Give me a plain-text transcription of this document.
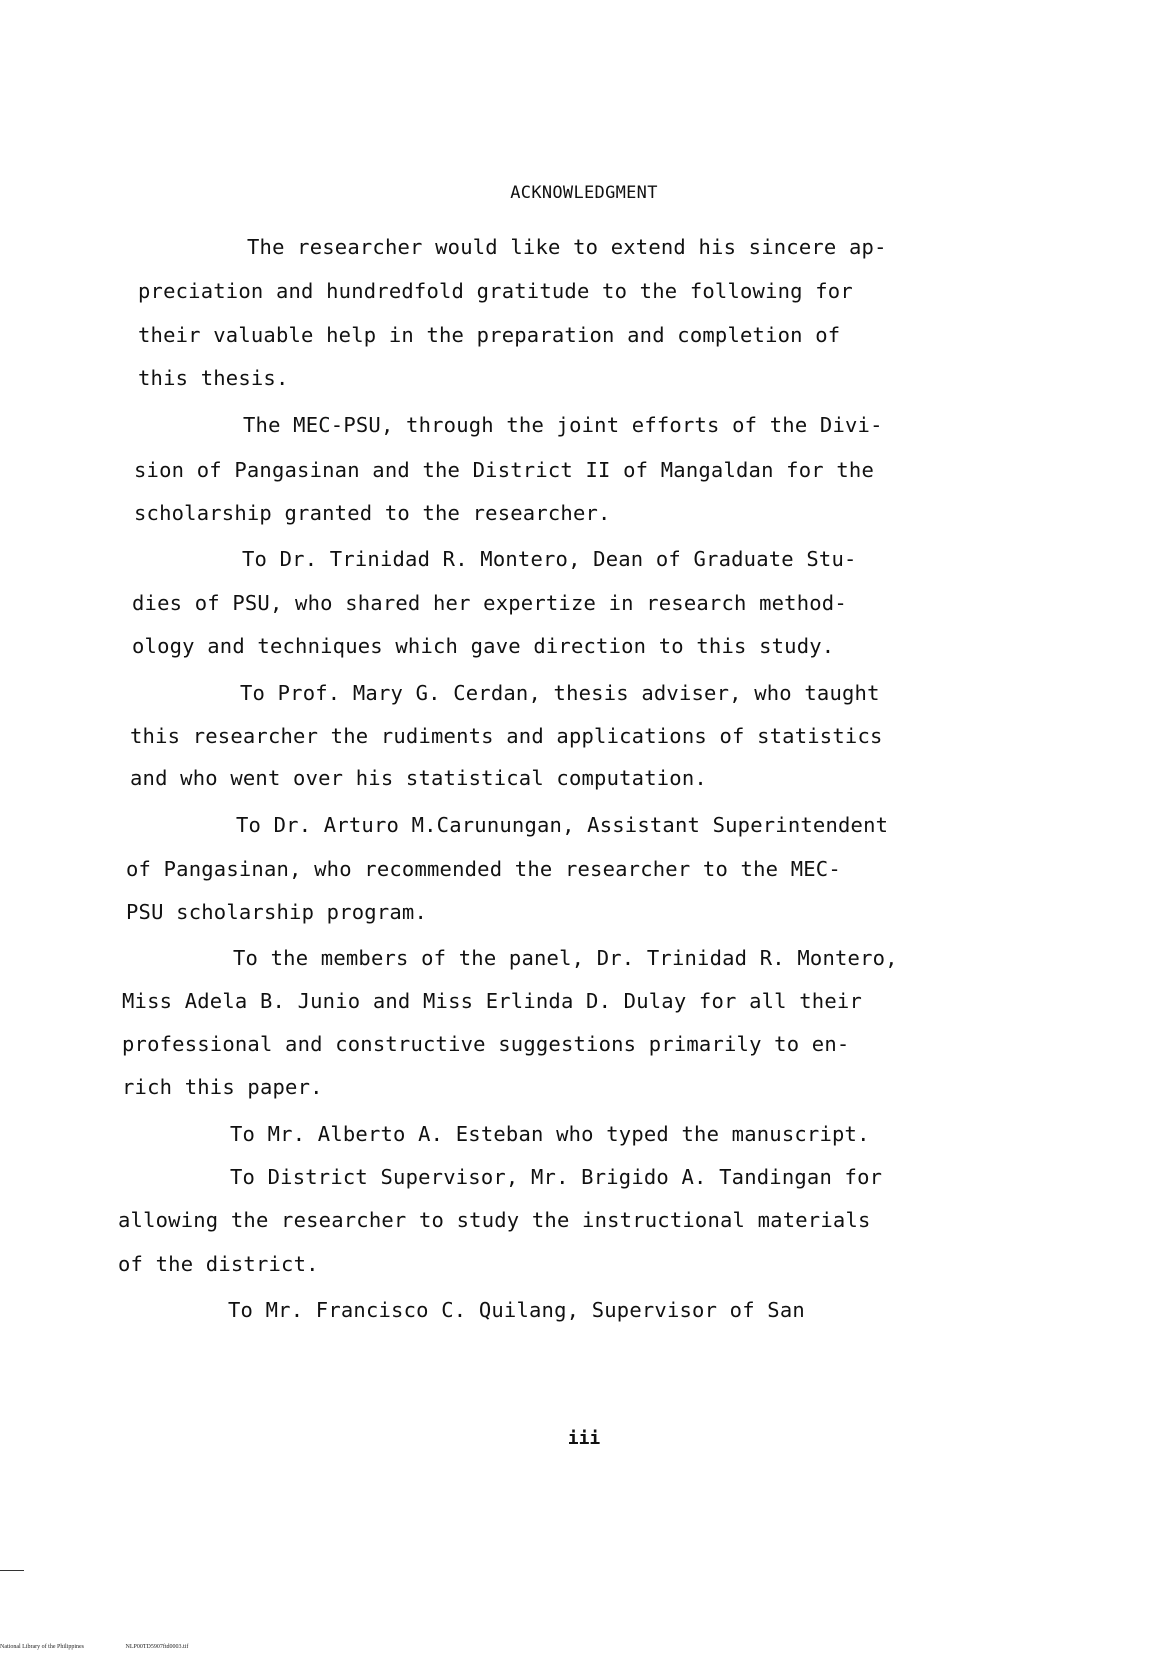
ACKNOWLEDGMENT
The researcher would like to extend his sincere ap-
preciation and hundredfold gratitude to the following for
their valuable help in the preparation and completion of
this thesis.
The MEC-PSU, through the joint efforts of the Divi-
sion of Pangasinan and the District II of Mangaldan for the
scholarship granted to the researcher.
To Dr. Trinidad R. Montero, Dean of Graduate Stu-
dies of PSU, who shared her expertize in research method-
ology and techniques which gave direction to this study.
To Prof. Mary G. Cerdan, thesis adviser, who taught
this researcher the rudiments and applications of statistics
and who went over his statistical computation.
To Dr. Arturo M.Carunungan, Assistant Superintendent
of Pangasinan, who recommended the researcher to the MEC-
PSU scholarship program.
To the members of the panel, Dr. Trinidad R. Montero,
Miss Adela B. Junio and Miss Erlinda D. Dulay for all their
professional and constructive suggestions primarily to en-
rich this paper.
To Mr. Alberto A. Esteban who typed the manuscript.
To District Supervisor, Mr. Brigido A. Tandingan for
allowing the researcher to study the instructional materials
of the district.
To Mr. Francisco C. Quilang, Supervisor of San
iii
National Library of the Philippines	NLP00TD5907ftd0003.tif
